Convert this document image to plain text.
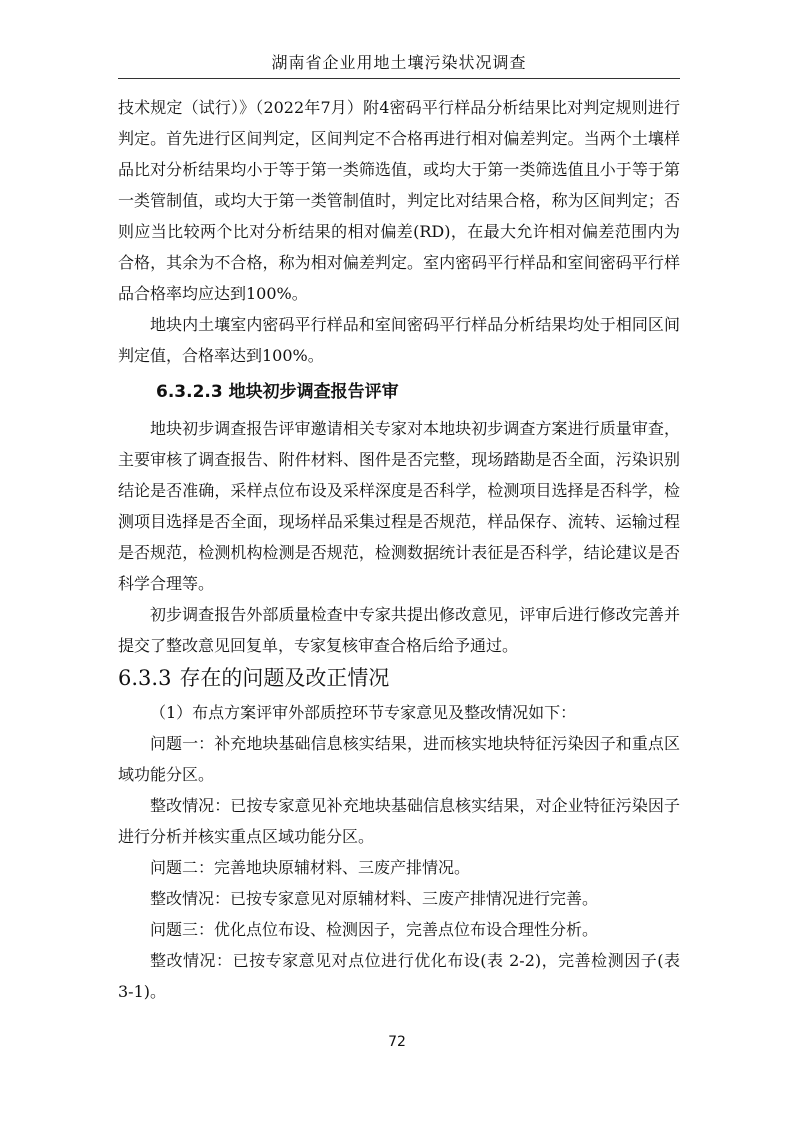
湖南省企业用地土壤污染状况调查

技术规定（试行）》（2022年7月）附4密码平行样品分析结果比对判定规则进行判定。首先进行区间判定，区间判定不合格再进行相对偏差判定。当两个土壤样品比对分析结果均小于等于第一类筛选值，或均大于第一类筛选值且小于等于第一类管制值，或均大于第一类管制值时，判定比对结果合格，称为区间判定；否则应当比较两个比对分析结果的相对偏差(RD)，在最大允许相对偏差范围内为合格，其余为不合格，称为相对偏差判定。室内密码平行样品和室间密码平行样品合格率均应达到100%。

地块内土壤室内密码平行样品和室间密码平行样品分析结果均处于相同区间判定值，合格率达到100%。

6.3.2.3 地块初步调查报告评审

地块初步调查报告评审邀请相关专家对本地块初步调查方案进行质量审查，主要审核了调查报告、附件材料、图件是否完整，现场踏勘是否全面，污染识别结论是否准确，采样点位布设及采样深度是否科学，检测项目选择是否科学，检测项目选择是否全面，现场样品采集过程是否规范，样品保存、流转、运输过程是否规范，检测机构检测是否规范，检测数据统计表征是否科学，结论建议是否科学合理等。

初步调查报告外部质量检查中专家共提出修改意见，评审后进行修改完善并提交了整改意见回复单，专家复核审查合格后给予通过。

6.3.3 存在的问题及改正情况

（1）布点方案评审外部质控环节专家意见及整改情况如下：

问题一：补充地块基础信息核实结果，进而核实地块特征污染因子和重点区域功能分区。

整改情况：已按专家意见补充地块基础信息核实结果，对企业特征污染因子进行分析并核实重点区域功能分区。

问题二：完善地块原辅材料、三废产排情况。

整改情况：已按专家意见对原辅材料、三废产排情况进行完善。

问题三：优化点位布设、检测因子，完善点位布设合理性分析。

整改情况：已按专家意见对点位进行优化布设(表 2-2)，完善检测因子(表 3-1)。

72
